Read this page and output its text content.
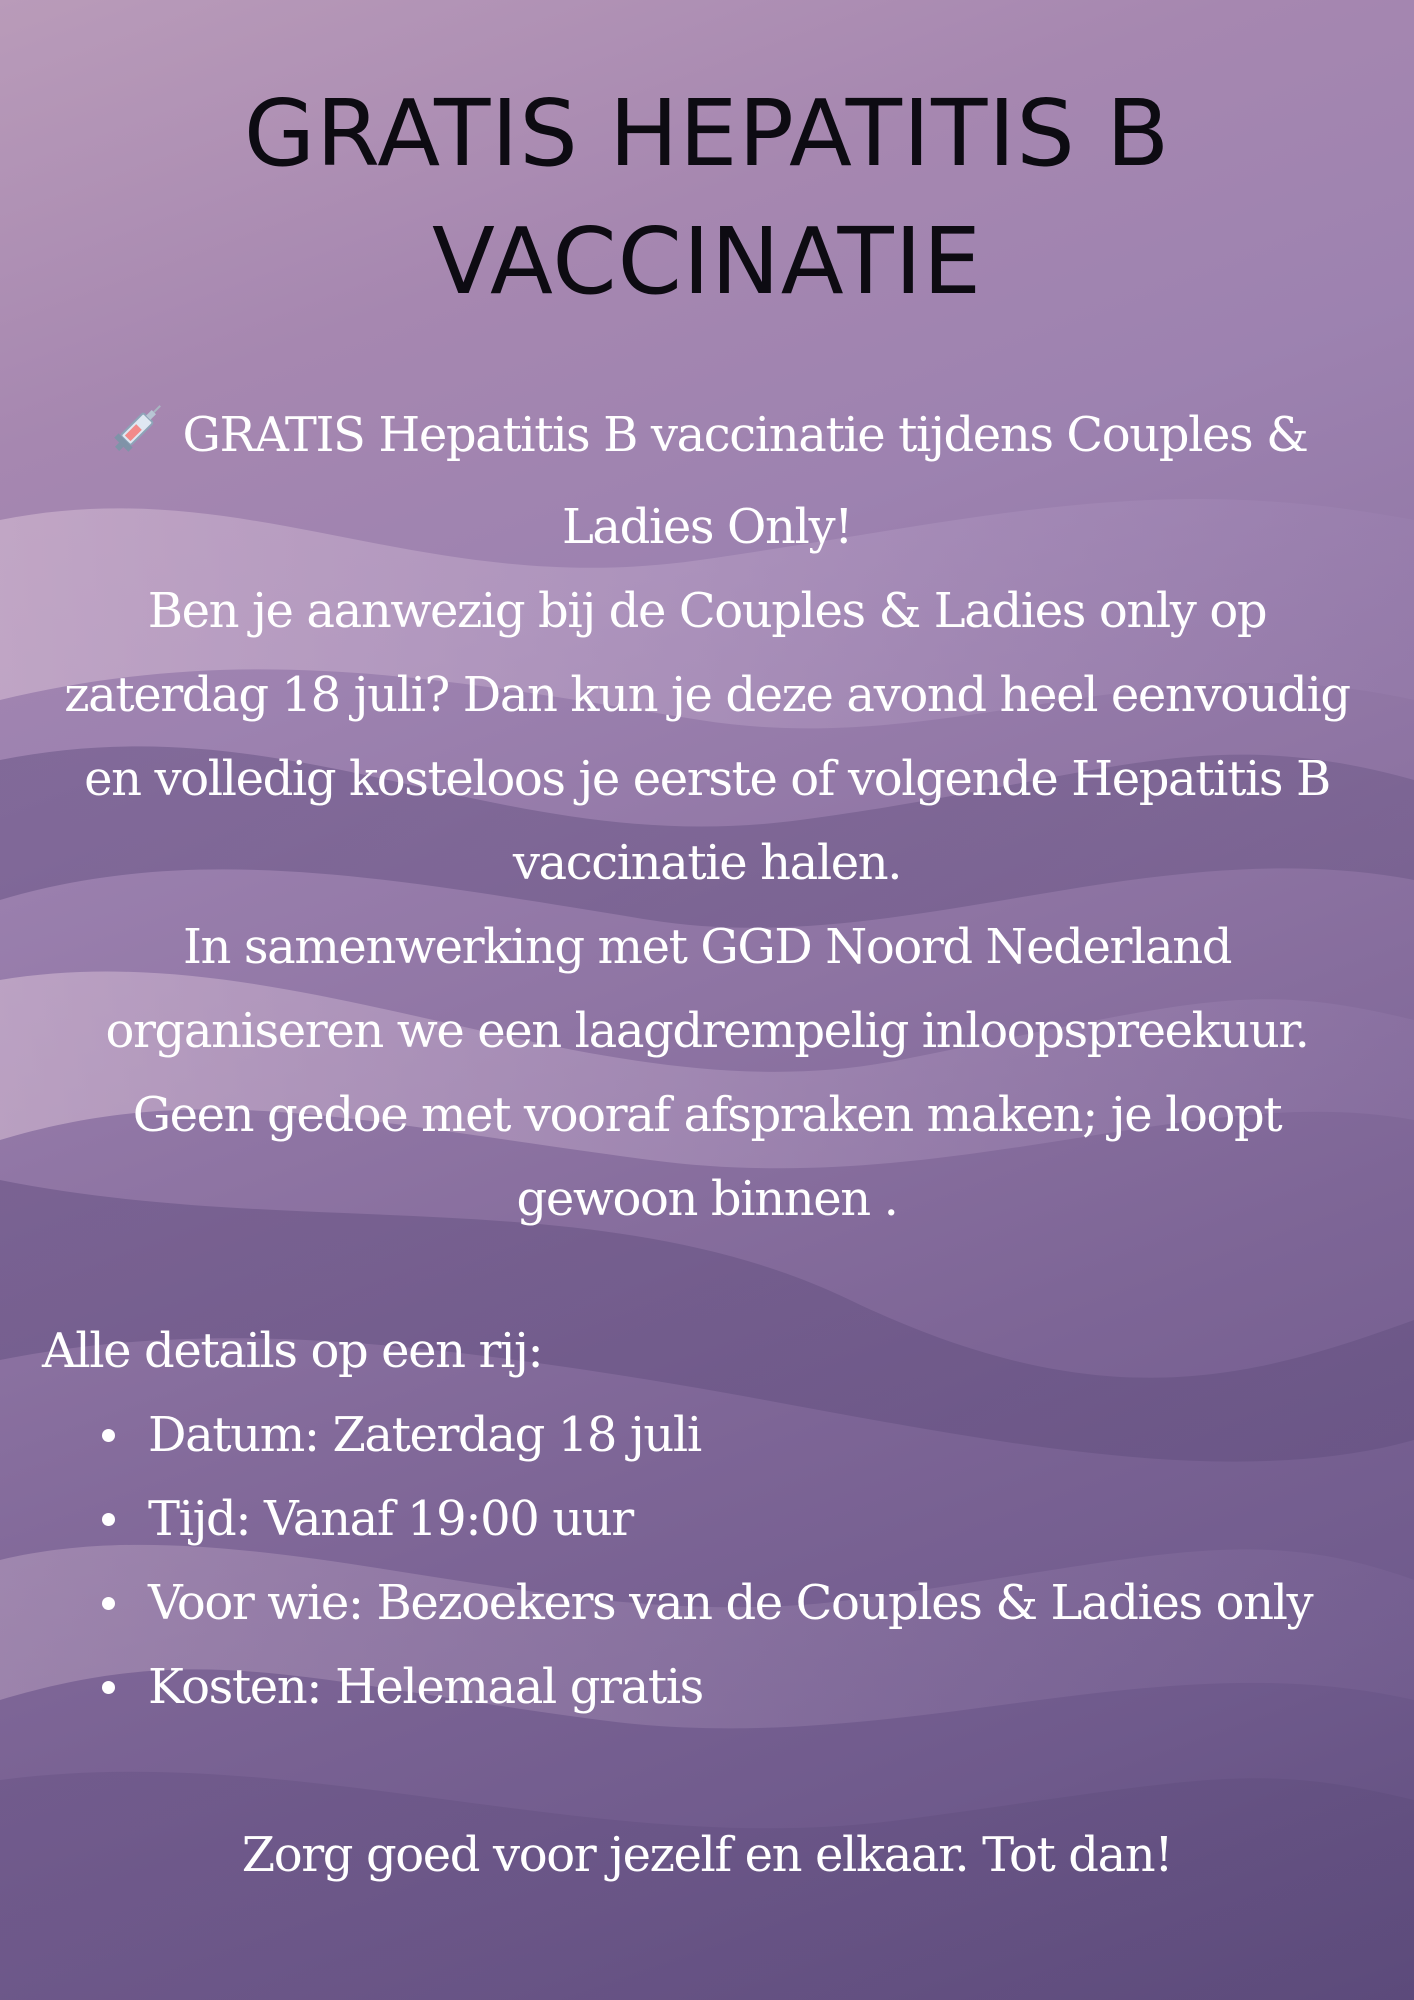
GRATIS HEPATITIS B VACCINATIE

GRATIS Hepatitis B vaccinatie tijdens Couples & Ladies Only!

Ben je aanwezig bij de Couples & Ladies only op zaterdag 18 juli? Dan kun je deze avond heel eenvoudig en volledig kosteloos je eerste of volgende Hepatitis B vaccinatie halen.

In samenwerking met GGD Noord Nederland organiseren we een laagdrempelig inloopspreekuur. Geen gedoe met vooraf afspraken maken; je loopt gewoon binnen .

Alle details op een rij:
Datum: Zaterdag 18 juli
Tijd: Vanaf 19:00 uur
Voor wie: Bezoekers van de Couples & Ladies only
Kosten: Helemaal gratis

Zorg goed voor jezelf en elkaar. Tot dan!
